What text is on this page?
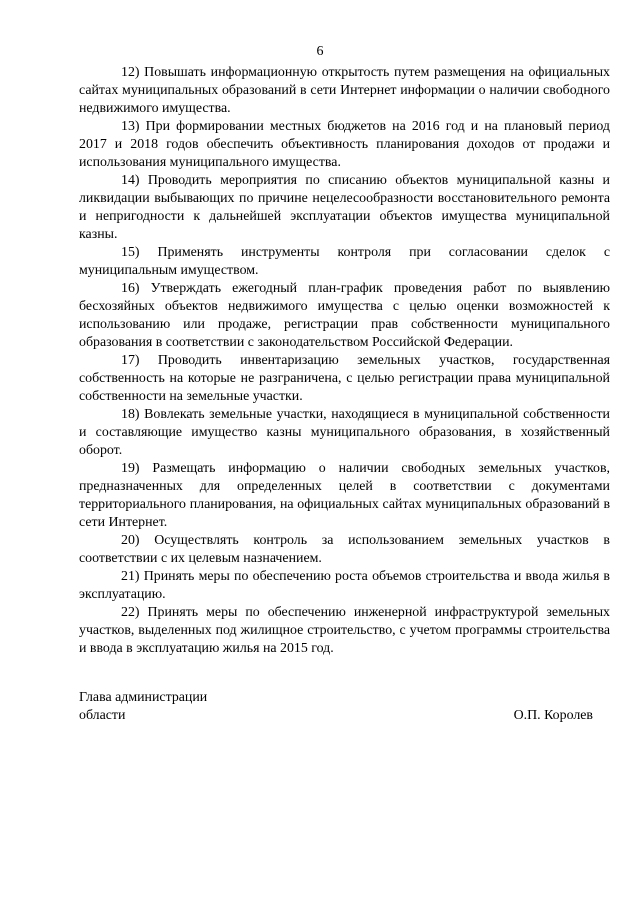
6

12) Повышать информационную открытость путем размещения на официальных сайтах муниципальных образований в сети Интернет информации о наличии свободного недвижимого имущества.

13) При формировании местных бюджетов на 2016 год и на плановый период 2017 и 2018 годов обеспечить объективность планирования доходов от продажи и использования муниципального имущества.

14) Проводить мероприятия по списанию объектов муниципальной казны и ликвидации выбывающих по причине нецелесообразности восстановительного ремонта и непригодности к дальнейшей эксплуатации объектов имущества муниципальной казны.

15) Применять инструменты контроля при согласовании сделок с муниципальным имуществом.

16) Утверждать ежегодный план-график проведения работ по выявлению бесхозяйных объектов недвижимого имущества с целью оценки возможностей к использованию или продаже, регистрации прав собственности муниципального образования в соответствии с законодательством Российской Федерации.

17) Проводить инвентаризацию земельных участков, государственная собственность на которые не разграничена, с целью регистрации права муниципальной собственности на земельные участки.

18) Вовлекать земельные участки, находящиеся в муниципальной собственности и составляющие имущество казны муниципального образования, в хозяйственный оборот.

19) Размещать информацию о наличии свободных земельных участков, предназначенных для определенных целей в соответствии с документами территориального планирования, на официальных сайтах муниципальных образований в сети Интернет.

20) Осуществлять контроль за использованием земельных участков в соответствии с их целевым назначением.

21) Принять меры по обеспечению роста объемов строительства и ввода жилья в эксплуатацию.

22) Принять меры по обеспечению инженерной инфраструктурой земельных участков, выделенных под жилищное строительство, с учетом программы строительства и ввода в эксплуатацию жилья на 2015 год.

Глава администрации
области	О.П. Королев
